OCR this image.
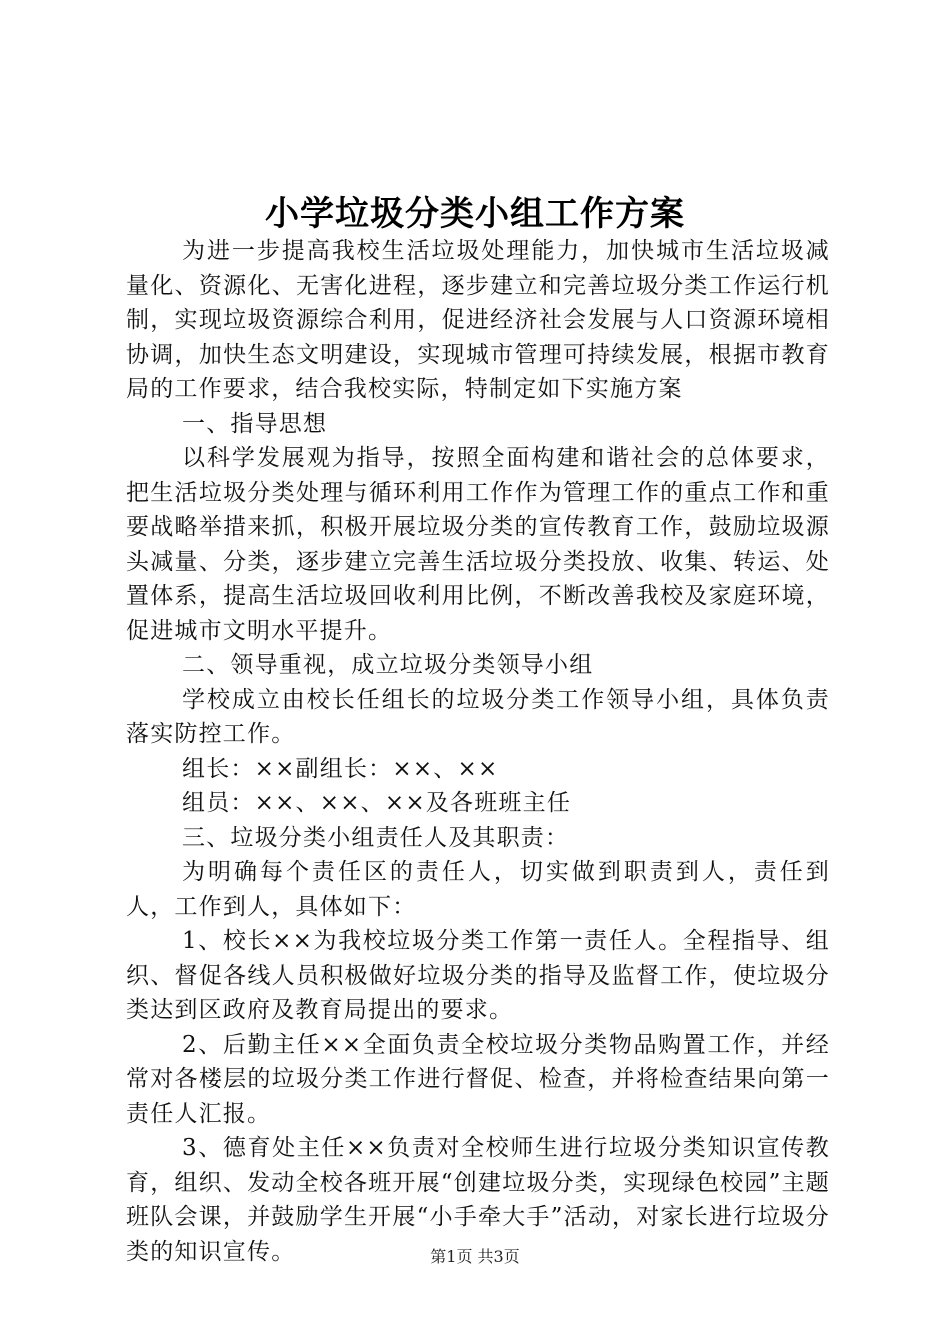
小学垃圾分类小组工作方案

为进一步提高我校生活垃圾处理能力，加快城市生活垃圾减量化、资源化、无害化进程，逐步建立和完善垃圾分类工作运行机制，实现垃圾资源综合利用，促进经济社会发展与人口资源环境相协调，加快生态文明建设，实现城市管理可持续发展，根据市教育局的工作要求，结合我校实际，特制定如下实施方案

一、指导思想

以科学发展观为指导，按照全面构建和谐社会的总体要求，把生活垃圾分类处理与循环利用工作作为管理工作的重点工作和重要战略举措来抓，积极开展垃圾分类的宣传教育工作，鼓励垃圾源头减量、分类，逐步建立完善生活垃圾分类投放、收集、转运、处置体系，提高生活垃圾回收利用比例，不断改善我校及家庭环境，促进城市文明水平提升。

二、领导重视，成立垃圾分类领导小组

学校成立由校长任组长的垃圾分类工作领导小组，具体负责落实防控工作。

组长：××副组长：××、××

组员：××、××、××及各班班主任

三、垃圾分类小组责任人及其职责：

为明确每个责任区的责任人，切实做到职责到人，责任到人，工作到人，具体如下：

1、校长××为我校垃圾分类工作第一责任人。全程指导、组织、督促各线人员积极做好垃圾分类的指导及监督工作，使垃圾分类达到区政府及教育局提出的要求。

2、后勤主任××全面负责全校垃圾分类物品购置工作，并经常对各楼层的垃圾分类工作进行督促、检查，并将检查结果向第一责任人汇报。

3、德育处主任××负责对全校师生进行垃圾分类知识宣传教育，组织、发动全校各班开展“创建垃圾分类，实现绿色校园”主题班队会课，并鼓励学生开展“小手牵大手”活动，对家长进行垃圾分类的知识宣传。	第1页 共3页
